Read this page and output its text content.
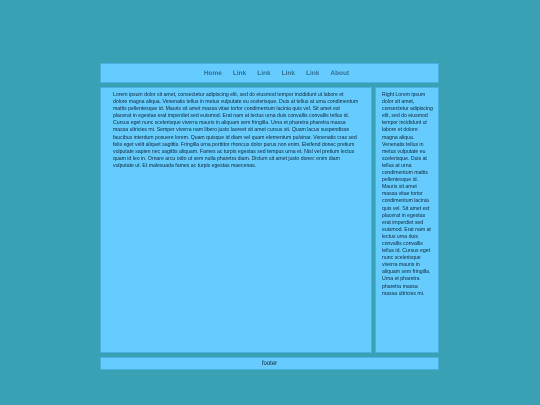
Home	Link	Link	Link	Link	About

Lorem ipsum dolor sit amet, consectetur adipiscing elit, sed do eiusmod tempor incididunt ut labore et dolore magna aliqua. Venenatis tellus in metus vulputate eu scelerisque. Duis at tellus at urna condimentum mattis pellentesque id. Mauris sit amet massa vitae tortor condimentum lacinia quis vel. Sit amet est placerat in egestas erat imperdiet sed euismod. Erat nam at lectus urna duis convallis convallis tellus id. Cursus eget nunc scelerisque viverra mauris in aliquam sem fringilla. Urna et pharetra pharetra massa massa ultricies mi. Semper viverra nam libero justo laoreet sit amet cursus sit. Quam lacus suspendisse faucibus interdum posuere lorem. Quam quisque id diam vel quam elementum pulvinar. Venenatis cras sed felis eget velit aliquet sagittis. Fringilla urna porttitor rhoncus dolor purus non enim. Eleifend donec pretium vulputate sapien nec sagittis aliquam. Fames ac turpis egestas sed tempus urna et. Nisl vel pretium lectus quam id leo in. Ornare arcu odio ut sem nulla pharetra diam. Dictum sit amet justo donec enim diam vulputate ut. Et malesuada fames ac turpis egestas maecenas.

Right Lorem ipsum dolor sit amet, consectetur adipiscing elit, sed do eiusmod tempor incididunt ut labore et dolore magna aliqua. Venenatis tellus in metus vulputate eu scelerisque. Duis at tellus at urna condimentum mattis pellentesque id. Mauris sit amet massa vitae tortor condimentum lacinia quis vel. Sit amet est placerat in egestas erat imperdiet sed euismod. Erat nam at lectus urna duis convallis convallis tellus id. Cursus eget nunc scelerisque viverra mauris in aliquam sem fringilla. Urna et pharetra pharetra massa massa ultricies mi.

footer
